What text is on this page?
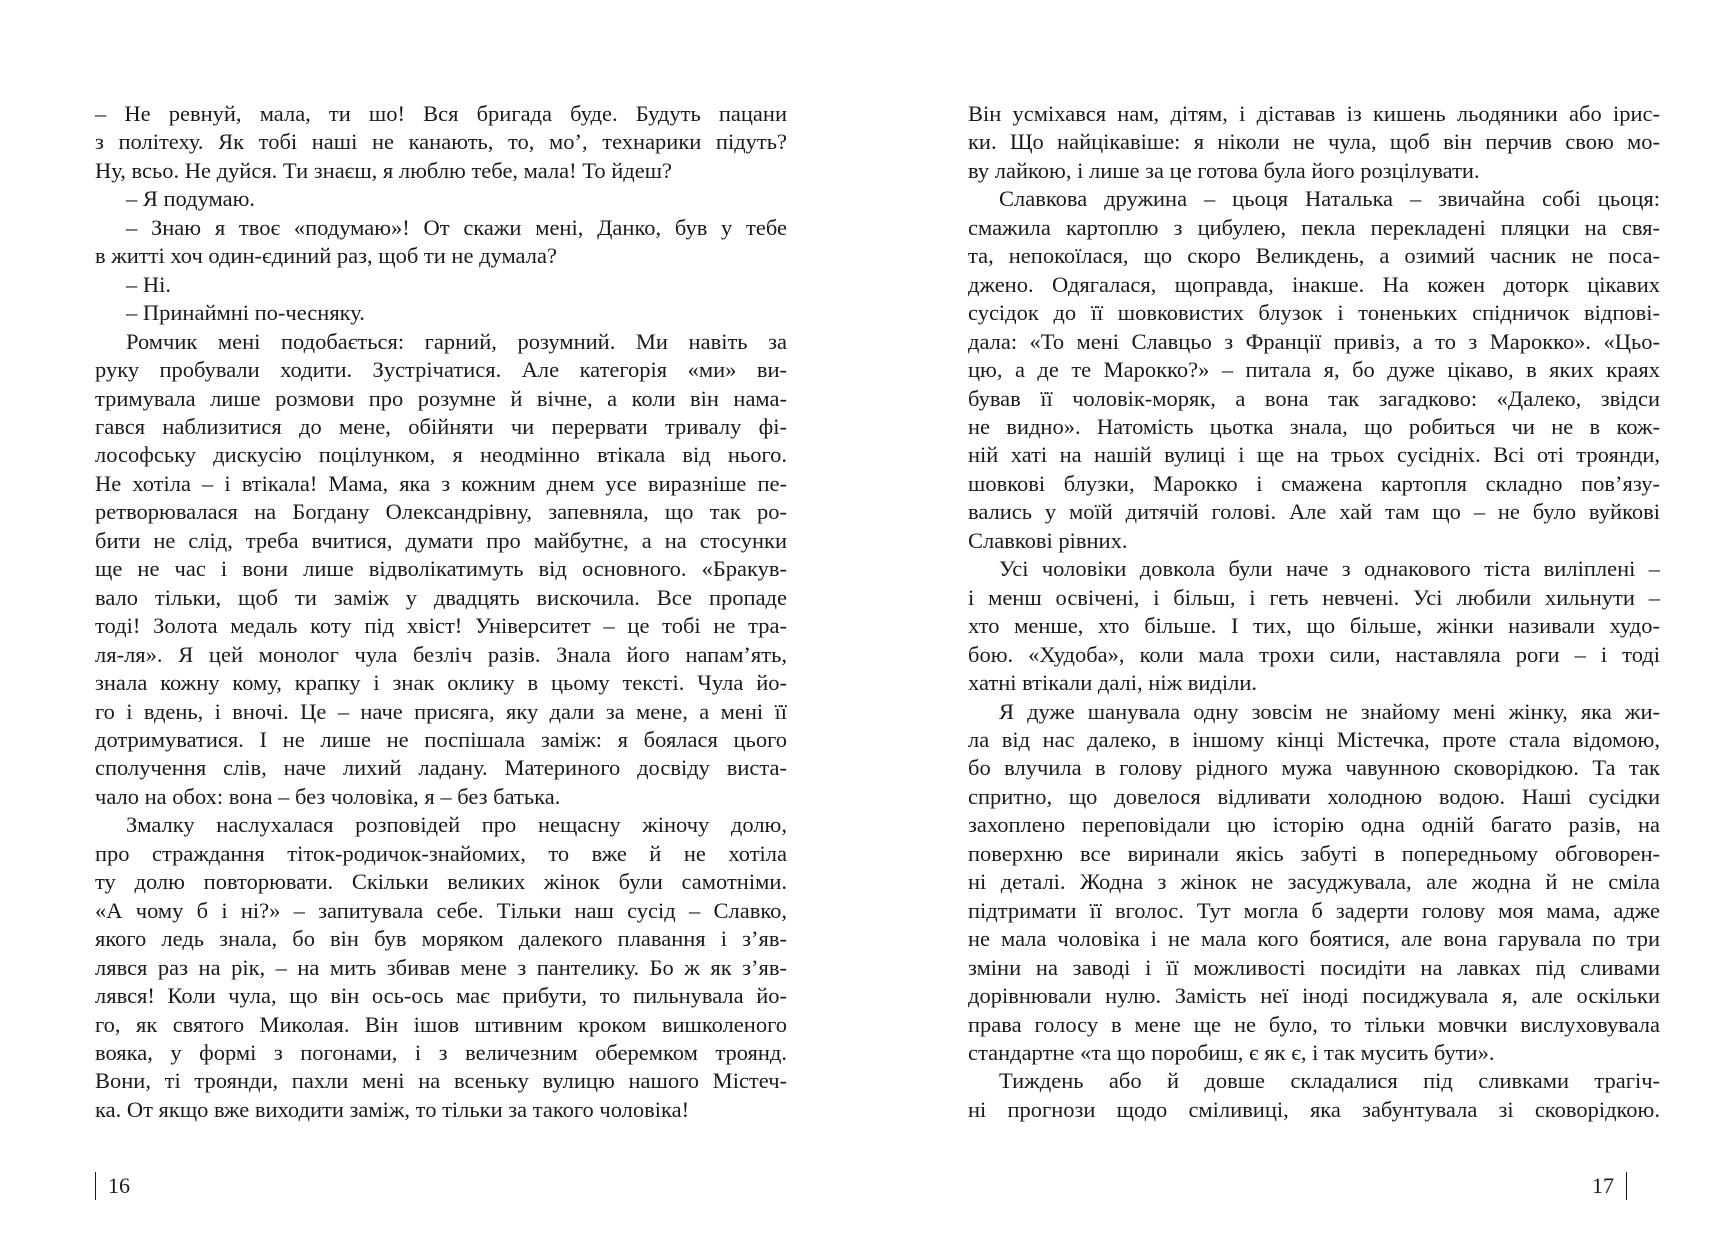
– Не ревнуй, мала, ти шо! Вся бригада буде. Будуть пацани

з політеху. Як тобі наші не канають, то, мо’, технарики підуть?

Ну, всьо. Не дуйся. Ти знаєш, я люблю тебе, мала! То йдеш?

– Я подумаю.

– Знаю я твоє «подумаю»! От скажи мені, Данко, був у тебе

в житті хоч один-єдиний раз, щоб ти не думала?

– Ні.

– Принаймні по-чесняку.

Ромчик мені подобається: гарний, розумний. Ми навіть за

руку пробували ходити. Зустрічатися. Але категорія «ми» ви-

тримувала лише розмови про розумне й вічне, а коли він нама-

гався наблизитися до мене, обійняти чи перервати тривалу фі-

лософську дискусію поцілунком, я неодмінно втікала від нього.

Не хотіла – і втікала! Мама, яка з кожним днем усе виразніше пе-

ретворювалася на Богдану Олександрівну, запевняла, що так ро-

бити не слід, треба вчитися, думати про майбутнє, а на стосунки

ще не час і вони лише відволікатимуть від основного. «Бракув-

вало тільки, щоб ти заміж у двадцять вискочила. Все пропаде

тоді! Золота медаль коту під хвіст! Університет – це тобі не тра-

ля-ля». Я цей монолог чула безліч разів. Знала його напам’ять,

знала кожну кому, крапку і знак оклику в цьому тексті. Чула йо-

го і вдень, і вночі. Це – наче присяга, яку дали за мене, а мені її

дотримуватися. І не лише не поспішала заміж: я боялася цього

сполучення слів, наче лихий ладану. Материного досвіду виста-

чало на обох: вона – без чоловіка, я – без батька.

Змалку наслухалася розповідей про нещасну жіночу долю,

про страждання тіток-родичок-знайомих, то вже й не хотіла

ту долю повторювати. Скільки великих жінок були самотніми.

«А чому б і ні?» – запитувала себе. Тільки наш сусід – Славко,

якого ледь знала, бо він був моряком далекого плавання і з’яв-

лявся раз на рік, – на мить збивав мене з пантелику. Бо ж як з’яв-

лявся! Коли чула, що він ось-ось має прибути, то пильнувала йо-

го, як святого Миколая. Він ішов штивним кроком вишколеного

вояка, у формі з погонами, і з величезним оберемком троянд.

Вони, ті троянди, пахли мені на всеньку вулицю нашого Містеч-

ка. От якщо вже виходити заміж, то тільки за такого чоловіка!

Він усміхався нам, дітям, і діставав із кишень льодяники або ірис-

ки. Що найцікавіше: я ніколи не чула, щоб він перчив свою мо-

ву лайкою, і лише за це готова була його розцілувати.

Славкова дружина – цьоця Наталька – звичайна собі цьоця:

смажила картоплю з цибулею, пекла перекладені пляцки на свя-

та, непокоїлася, що скоро Великдень, а озимий часник не поса-

джено. Одягалася, щоправда, інакше. На кожен доторк цікавих

сусідок до її шовковистих блузок і тоненьких спідничок відпові-

дала: «То мені Славцьо з Франції привіз, а то з Марокко». «Цьо-

цю, а де те Марокко?» – питала я, бо дуже цікаво, в яких краях

бував її чоловік-моряк, а вона так загадково: «Далеко, звідси

не видно». Натомість цьотка знала, що робиться чи не в кож-

ній хаті на нашій вулиці і ще на трьох сусідніх. Всі оті троянди,

шовкові блузки, Марокко і смажена картопля складно пов’язу-

вались у моїй дитячій голові. Але хай там що – не було вуйкові

Славкові рівних.

Усі чоловіки довкола були наче з однакового тіста виліплені –

і менш освічені, і більш, і геть невчені. Усі любили хильнути –

хто менше, хто більше. І тих, що більше, жінки називали худо-

бою. «Худоба», коли мала трохи сили, наставляла роги – і тоді

хатні втікали далі, ніж виділи.

Я дуже шанувала одну зовсім не знайому мені жінку, яка жи-

ла від нас далеко, в іншому кінці Містечка, проте стала відомою,

бо влучила в голову рідного мужа чавунною сковорідкою. Та так

спритно, що довелося відливати холодною водою. Наші сусідки

захоплено переповідали цю історію одна одній багато разів, на

поверхню все виринали якісь забуті в попередньому обговорен-

ні деталі. Жодна з жінок не засуджувала, але жодна й не сміла

підтримати її вголос. Тут могла б задерти голову моя мама, адже

не мала чоловіка і не мала кого боятися, але вона гарувала по три

зміни на заводі і її можливості посидіти на лавках під сливами

дорівнювали нулю. Замість неї іноді посиджувала я, але оскільки

права голосу в мене ще не було, то тільки мовчки вислуховувала

стандартне «та що поробиш, є як є, і так мусить бути».

Тиждень або й довше складалися під сливками трагіч-

ні прогнози щодо сміливиці, яка забунтувала зі сковорідкою.

16	17
